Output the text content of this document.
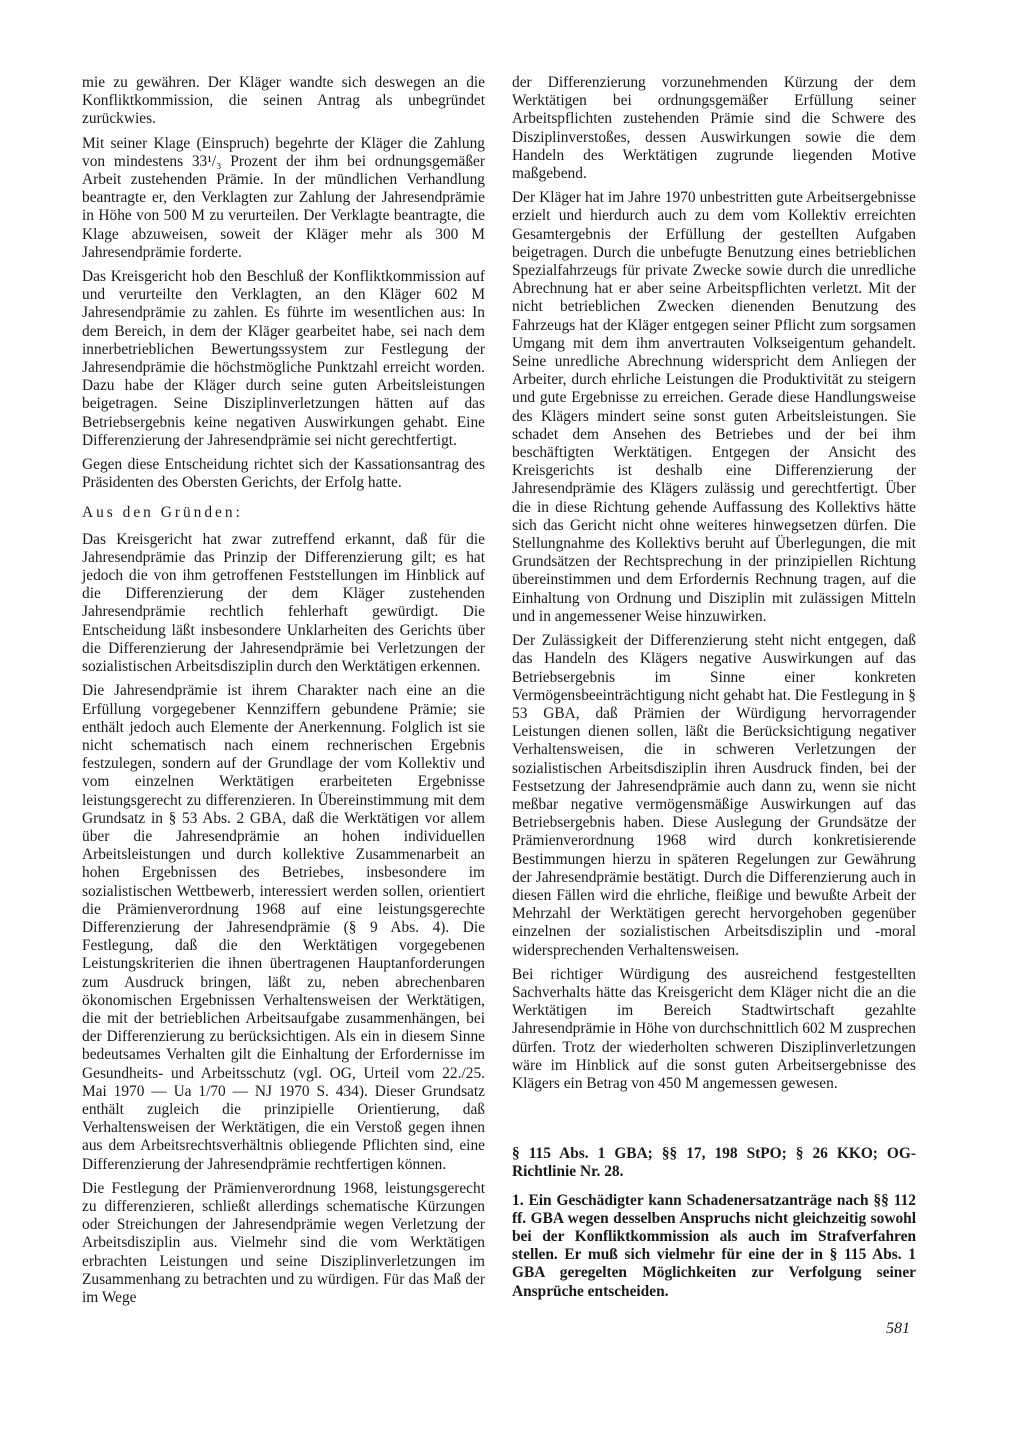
mie zu gewähren. Der Kläger wandte sich deswegen an die Konfliktkommission, die seinen Antrag als unbegründet zurückwies.

Mit seiner Klage (Einspruch) begehrte der Kläger die Zahlung von mindestens 33¹/₃ Prozent der ihm bei ordnungsgemäßer Arbeit zustehenden Prämie. In der mündlichen Verhandlung beantragte er, den Verklagten zur Zahlung der Jahresendprämie in Höhe von 500 M zu verurteilen. Der Verklagte beantragte, die Klage abzuweisen, soweit der Kläger mehr als 300 M Jahresendprämie forderte.

Das Kreisgericht hob den Beschluß der Konfliktkommission auf und verurteilte den Verklagten, an den Kläger 602 M Jahresendprämie zu zahlen. Es führte im wesentlichen aus: In dem Bereich, in dem der Kläger gearbeitet habe, sei nach dem innerbetrieblichen Bewertungssystem zur Festlegung der Jahresendprämie die höchstmögliche Punktzahl erreicht worden. Dazu habe der Kläger durch seine guten Arbeitsleistungen beigetragen. Seine Disziplinverletzungen hätten auf das Betriebsergebnis keine negativen Auswirkungen gehabt. Eine Differenzierung der Jahresendprämie sei nicht gerechtfertigt.

Gegen diese Entscheidung richtet sich der Kassationsantrag des Präsidenten des Obersten Gerichts, der Erfolg hatte.

Aus den Gründen:

Das Kreisgericht hat zwar zutreffend erkannt, daß für die Jahresendprämie das Prinzip der Differenzierung gilt; es hat jedoch die von ihm getroffenen Feststellungen im Hinblick auf die Differenzierung der dem Kläger zustehenden Jahresendprämie rechtlich fehlerhaft gewürdigt. Die Entscheidung läßt insbesondere Unklarheiten des Gerichts über die Differenzierung der Jahresendprämie bei Verletzungen der sozialistischen Arbeitsdisziplin durch den Werktätigen erkennen.

Die Jahresendprämie ist ihrem Charakter nach eine an die Erfüllung vorgegebener Kennziffern gebundene Prämie; sie enthält jedoch auch Elemente der Anerkennung. Folglich ist sie nicht schematisch nach einem rechnerischen Ergebnis festzulegen, sondern auf der Grundlage der vom Kollektiv und vom einzelnen Werktätigen erarbeiteten Ergebnisse leistungsgerecht zu differenzieren. In Übereinstimmung mit dem Grundsatz in § 53 Abs. 2 GBA, daß die Werktätigen vor allem über die Jahresendprämie an hohen individuellen Arbeitsleistungen und durch kollektive Zusammenarbeit an hohen Ergebnissen des Betriebes, insbesondere im sozialistischen Wettbewerb, interessiert werden sollen, orientiert die Prämienverordnung 1968 auf eine leistungsgerechte Differenzierung der Jahresendprämie (§ 9 Abs. 4). Die Festlegung, daß die den Werktätigen vorgegebenen Leistungskriterien die ihnen übertragenen Hauptanforderungen zum Ausdruck bringen, läßt zu, neben abrechenbaren ökonomischen Ergebnissen Verhaltensweisen der Werktätigen, die mit der betrieblichen Arbeitsaufgabe zusammenhängen, bei der Differenzierung zu berücksichtigen. Als ein in diesem Sinne bedeutsames Verhalten gilt die Einhaltung der Erfordernisse im Gesundheits- und Arbeitsschutz (vgl. OG, Urteil vom 22./25. Mai 1970 — Ua 1/70 — NJ 1970 S. 434). Dieser Grundsatz enthält zugleich die prinzipielle Orientierung, daß Verhaltensweisen der Werktätigen, die ein Verstoß gegen ihnen aus dem Arbeitsrechtsverhältnis obliegende Pflichten sind, eine Differenzierung der Jahresendprämie rechtfertigen können.

Die Festlegung der Prämienverordnung 1968, leistungsgerecht zu differenzieren, schließt allerdings schematische Kürzungen oder Streichungen der Jahresendprämie wegen Verletzung der Arbeitsdisziplin aus. Vielmehr sind die vom Werktätigen erbrachten Leistungen und seine Disziplinverletzungen im Zusammenhang zu betrachten und zu würdigen. Für das Maß der im Wege

der Differenzierung vorzunehmenden Kürzung der dem Werktätigen bei ordnungsgemäßer Erfüllung seiner Arbeitspflichten zustehenden Prämie sind die Schwere des Disziplinverstoßes, dessen Auswirkungen sowie die dem Handeln des Werktätigen zugrunde liegenden Motive maßgebend.

Der Kläger hat im Jahre 1970 unbestritten gute Arbeitsergebnisse erzielt und hierdurch auch zu dem vom Kollektiv erreichten Gesamtergebnis der Erfüllung der gestellten Aufgaben beigetragen. Durch die unbefugte Benutzung eines betrieblichen Spezialfahrzeugs für private Zwecke sowie durch die unredliche Abrechnung hat er aber seine Arbeitspflichten verletzt. Mit der nicht betrieblichen Zwecken dienenden Benutzung des Fahrzeugs hat der Kläger entgegen seiner Pflicht zum sorgsamen Umgang mit dem ihm anvertrauten Volkseigentum gehandelt. Seine unredliche Abrechnung widerspricht dem Anliegen der Arbeiter, durch ehrliche Leistungen die Produktivität zu steigern und gute Ergebnisse zu erreichen. Gerade diese Handlungsweise des Klägers mindert seine sonst guten Arbeitsleistungen. Sie schadet dem Ansehen des Betriebes und der bei ihm beschäftigten Werktätigen. Entgegen der Ansicht des Kreisgerichts ist deshalb eine Differenzierung der Jahresendprämie des Klägers zulässig und gerechtfertigt. Über die in diese Richtung gehende Auffassung des Kollektivs hätte sich das Gericht nicht ohne weiteres hinwegsetzen dürfen. Die Stellungnahme des Kollektivs beruht auf Überlegungen, die mit Grundsätzen der Rechtsprechung in der prinzipiellen Richtung übereinstimmen und dem Erfordernis Rechnung tragen, auf die Einhaltung von Ordnung und Disziplin mit zulässigen Mitteln und in angemessener Weise hinzuwirken.

Der Zulässigkeit der Differenzierung steht nicht entgegen, daß das Handeln des Klägers negative Auswirkungen auf das Betriebsergebnis im Sinne einer konkreten Vermögensbeeinträchtigung nicht gehabt hat. Die Festlegung in § 53 GBA, daß Prämien der Würdigung hervorragender Leistungen dienen sollen, läßt die Berücksichtigung negativer Verhaltensweisen, die in schweren Verletzungen der sozialistischen Arbeitsdisziplin ihren Ausdruck finden, bei der Festsetzung der Jahresendprämie auch dann zu, wenn sie nicht meßbar negative vermögensmäßige Auswirkungen auf das Betriebsergebnis haben. Diese Auslegung der Grundsätze der Prämienverordnung 1968 wird durch konkretisierende Bestimmungen hierzu in späteren Regelungen zur Gewährung der Jahresendprämie bestätigt. Durch die Differenzierung auch in diesen Fällen wird die ehrliche, fleißige und bewußte Arbeit der Mehrzahl der Werktätigen gerecht hervorgehoben gegenüber einzelnen der sozialistischen Arbeitsdisziplin und -moral widersprechenden Verhaltensweisen.

Bei richtiger Würdigung des ausreichend festgestellten Sachverhalts hätte das Kreisgericht dem Kläger nicht die an die Werktätigen im Bereich Stadtwirtschaft gezahlte Jahresendprämie in Höhe von durchschnittlich 602 M zusprechen dürfen. Trotz der wiederholten schweren Disziplinverletzungen wäre im Hinblick auf die sonst guten Arbeitsergebnisse des Klägers ein Betrag von 450 M angemessen gewesen.

§ 115 Abs. 1 GBA; §§ 17, 198 StPO; § 26 KKO; OG-Richtlinie Nr. 28.

1. Ein Geschädigter kann Schadenersatzanträge nach §§ 112 ff. GBA wegen desselben Anspruchs nicht gleichzeitig sowohl bei der Konfliktkommission als auch im Strafverfahren stellen. Er muß sich vielmehr für eine der in § 115 Abs. 1 GBA geregelten Möglichkeiten zur Verfolgung seiner Ansprüche entscheiden.

581
